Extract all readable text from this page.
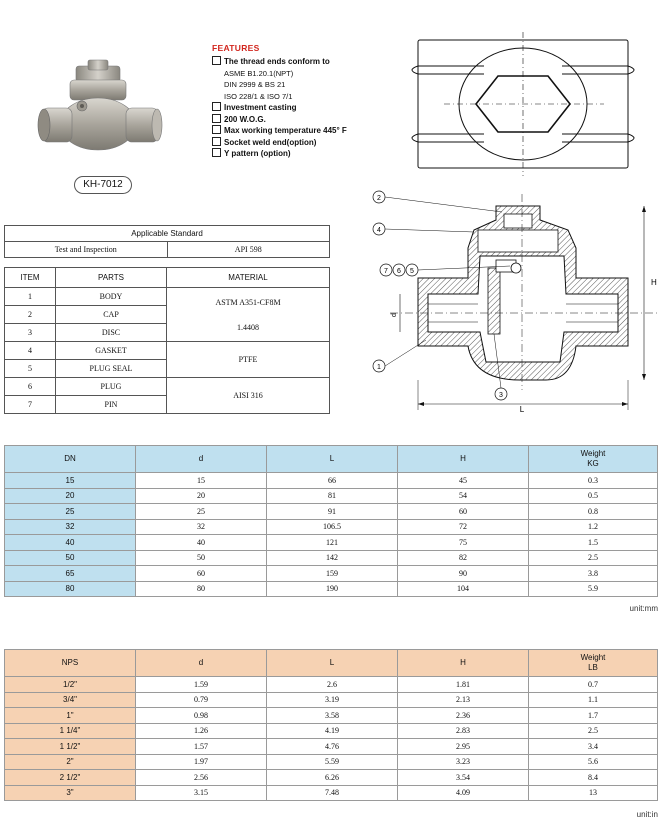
KH-7012
FEATURES
The thread ends conform to
ASME B1.20.1(NPT)
DIN 2999 & BS 21
ISO 228/1 & ISO 7/1
Investment casting
200 W.O.G.
Max working temperature 445° F
Socket weld end(option)
Y pattern (option)
L
H
d
2
4
7 6 5
1
3
Applicable Standard
Test and Inspection	API 598
ITEM	PARTS	MATERIAL
1	BODY	ASTM A351-CF8M
1.4408

2	CAP	
3	DISC	
4	GASKET	PTFE
5	PLUG SEAL	
6	PLUG	AISI 316
7	PIN	
DN	d	L	H	Weight
KG

15	15	66	45	0.3
20	20	81	54	0.5
25	25	91	60	0.8
32	32	106.5	72	1.2
40	40	121	75	1.5
50	50	142	82	2.5
65	60	159	90	3.8
80	80	190	104	5.9
unit:mm
NPS	d	L	H	Weight
LB

1/2"	1.59	2.6	1.81	0.7
3/4"	0.79	3.19	2.13	1.1
1"	0.98	3.58	2.36	1.7
1 1/4"	1.26	4.19	2.83	2.5
1 1/2"	1.57	4.76	2.95	3.4
2"	1.97	5.59	3.23	5.6
2 1/2"	2.56	6.26	3.54	8.4
3"	3.15	7.48	4.09	13
unit:in
